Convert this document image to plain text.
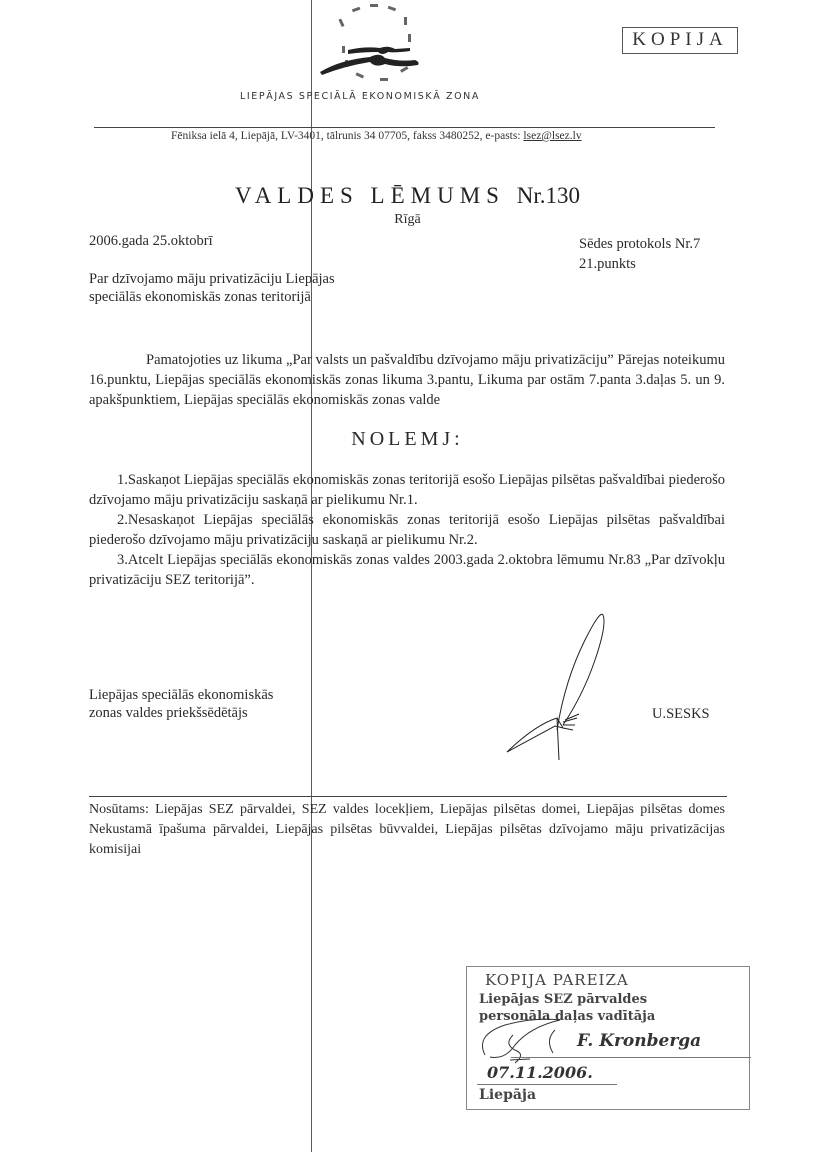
LIEPĀJAS SPECIĀLĀ EKONOMISKĀ ZONA
KOPIJA
Fēniksa ielā 4, Liepājā, LV-3401, tālrunis 34 07705, fakss 3480252, e-pasts: lsez@lsez.lv
VALDES LĒMUMS Nr.130
Rīgā
2006.gada 25.oktobrī	Sēdes protokols Nr.7
21.punkts
Par dzīvojamo māju privatizāciju Liepājas
speciālās ekonomiskās zonas teritorijā
Pamatojoties uz likuma „Par valsts un pašvaldību dzīvojamo māju privatizāciju” Pārejas noteikumu 16.punktu, Liepājas speciālās ekonomiskās zonas likuma 3.pantu, Likuma par ostām 7.panta 3.daļas 5. un 9. apakšpunktiem, Liepājas speciālās ekonomiskās zonas valde
NOLEMJ:

1.Saskaņot Liepājas speciālās ekonomiskās zonas teritorijā esošo Liepājas pilsētas pašvaldībai piederošo dzīvojamo māju privatizāciju saskaņā ar pielikumu Nr.1.

2.Nesaskaņot Liepājas speciālās ekonomiskās zonas teritorijā esošo Liepājas pilsētas pašvaldībai piederošo dzīvojamo māju privatizāciju saskaņā ar pielikumu Nr.2.

3.Atcelt Liepājas speciālās ekonomiskās zonas valdes 2003.gada 2.oktobra lēmumu Nr.83 „Par dzīvokļu privatizāciju SEZ teritorijā”.

Liepājas speciālās ekonomiskās
zonas valdes priekšsēdētājs	U.SESKS
Nosūtams: Liepājas SEZ pārvaldei, SEZ valdes locekļiem, Liepājas pilsētas domei, Liepājas pilsētas domes Nekustamā īpašuma pārvaldei, Liepājas pilsētas būvvaldei, Liepājas pilsētas dzīvojamo māju privatizācijas komisijai
KOPIJA PAREIZA
Liepājas SEZ pārvaldes
personāla daļas vadītāja
F. Kronberga
07.11.2006.
Liepāja
